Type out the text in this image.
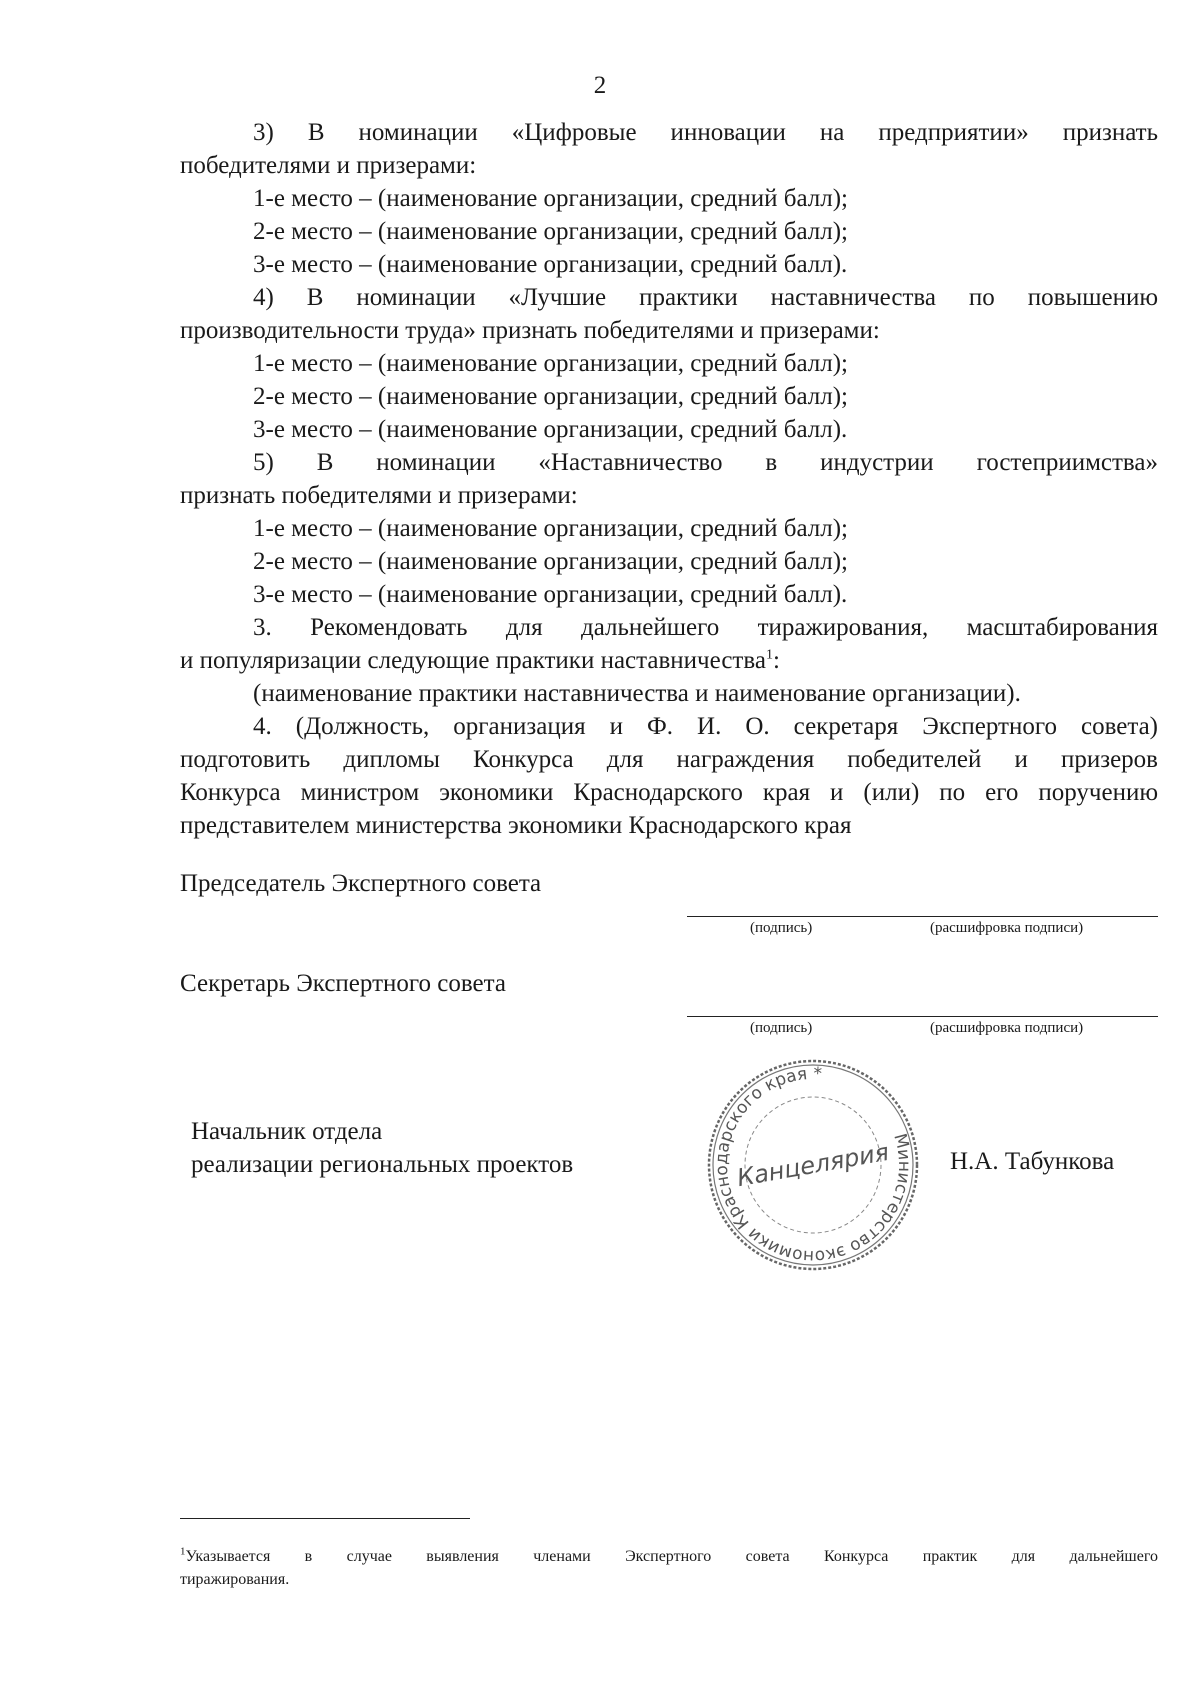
2

3) В номинации «Цифровые инновации на предприятии» признать

победителями и призерами:

1-е место – (наименование организации, средний балл);

2-е место – (наименование организации, средний балл);

3-е место – (наименование организации, средний балл).

4) В номинации «Лучшие практики наставничества по повышению

производительности труда» признать победителями и призерами:

1-е место – (наименование организации, средний балл);

2-е место – (наименование организации, средний балл);

3-е место – (наименование организации, средний балл).

5) В номинации «Наставничество в индустрии гостеприимства»

признать победителями и призерами:

1-е место – (наименование организации, средний балл);

2-е место – (наименование организации, средний балл);

3-е место – (наименование организации, средний балл).

3. Рекомендовать для дальнейшего тиражирования, масштабирования

и популяризации следующие практики наставничества$^1$:

(наименование практики наставничества и наименование организации).

4. (Должность, организация и Ф. И. О. секретаря Экспертного совета)

подготовить дипломы Конкурса для награждения победителей и призеров

Конкурса министром экономики Краснодарского края и (или) по его поручению

представителем министерства экономики Краснодарского края

Председатель Экспертного совета
(подпись)	(расшифровка подписи)
Секретарь Экспертного совета
(подпись)	(расшифровка подписи)
Начальник отдела
реализации региональных проектов	Н.А. Табункова
Министерство экономики Краснодарского края *
Канцелярия

$^1$Указывается в случае выявления членами Экспертного совета Конкурса практик для дальнейшего

тиражирования.
